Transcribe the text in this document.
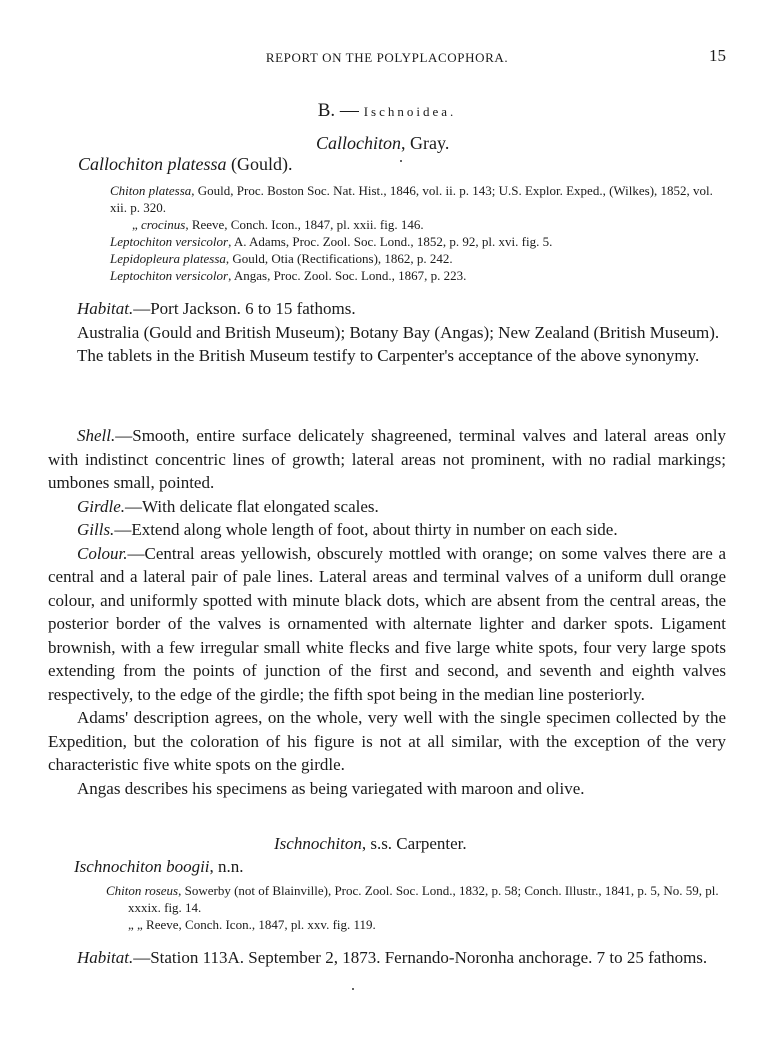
REPORT ON THE POLYPLACOPHORA.	15
B. — Ischnoidea.
Callochiton, Gray.
Callochiton platessa (Gould).
Chiton platessa, Gould, Proc. Boston Soc. Nat. Hist., 1846, vol. ii. p. 143; U.S. Explor. Exped., (Wilkes), 1852, vol. xii. p. 320.
„ crocinus, Reeve, Conch. Icon., 1847, pl. xxii. fig. 146.
Leptochiton versicolor, A. Adams, Proc. Zool. Soc. Lond., 1852, p. 92, pl. xvi. fig. 5.
Lepidopleura platessa, Gould, Otia (Rectifications), 1862, p. 242.
Leptochiton versicolor, Angas, Proc. Zool. Soc. Lond., 1867, p. 223.

Habitat.—Port Jackson. 6 to 15 fathoms.

Australia (Gould and British Museum); Botany Bay (Angas); New Zealand (British Museum).

The tablets in the British Museum testify to Carpenter's acceptance of the above synonymy.

Shell.—Smooth, entire surface delicately shagreened, terminal valves and lateral areas only with indistinct concentric lines of growth; lateral areas not prominent, with no radial markings; umbones small, pointed.

Girdle.—With delicate flat elongated scales.

Gills.—Extend along whole length of foot, about thirty in number on each side.

Colour.—Central areas yellowish, obscurely mottled with orange; on some valves there are a central and a lateral pair of pale lines. Lateral areas and terminal valves of a uniform dull orange colour, and uniformly spotted with minute black dots, which are absent from the central areas, the posterior border of the valves is ornamented with alternate lighter and darker spots. Ligament brownish, with a few irregular small white flecks and five large white spots, four very large spots extending from the points of junction of the first and second, and seventh and eighth valves respectively, to the edge of the girdle; the fifth spot being in the median line posteriorly.

Adams' description agrees, on the whole, very well with the single specimen collected by the Expedition, but the coloration of his figure is not at all similar, with the exception of the very characteristic five white spots on the girdle.

Angas describes his specimens as being variegated with maroon and olive.

Ischnochiton, s.s. Carpenter.
Ischnochiton boogii, n.n.
Chiton roseus, Sowerby (not of Blainville), Proc. Zool. Soc. Lond., 1832, p. 58; Conch. Illustr., 1841, p. 5, No. 59, pl. xxxix. fig. 14.
„ „ Reeve, Conch. Icon., 1847, pl. xxv. fig. 119.

Habitat.—Station 113A. September 2, 1873. Fernando-Noronha anchorage. 7 to 25 fathoms.
